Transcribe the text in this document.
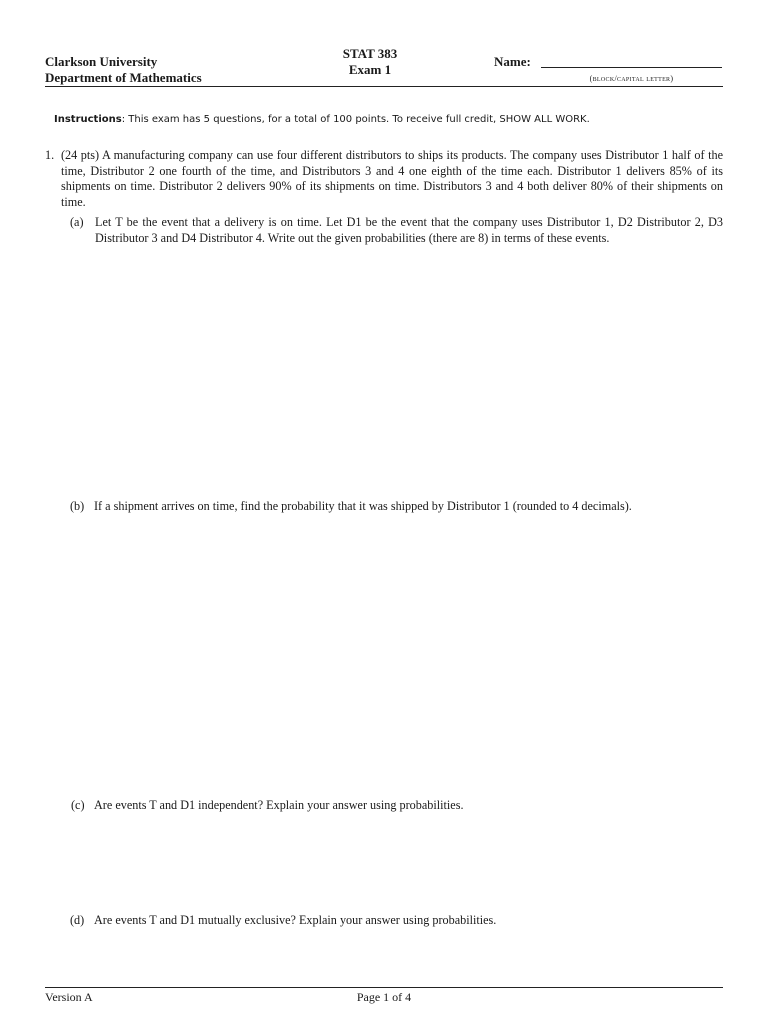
Clarkson University
Department of Mathematics
STAT 383
Exam 1
Name:
(block/capital letter)
Instructions: This exam has 5 questions, for a total of 100 points. To receive full credit, SHOW ALL WORK.
1. (24 pts) A manufacturing company can use four different distributors to ships its products. The company uses Distributor 1 half of the time, Distributor 2 one fourth of the time, and Distributors 3 and 4 one eighth of the time each. Distributor 1 delivers 85% of its shipments on time. Distributor 2 delivers 90% of its shipments on time. Distributors 3 and 4 both deliver 80% of their shipments on time.
(a) Let T be the event that a delivery is on time. Let D1 be the event that the company uses Distributor 1, D2 Distributor 2, D3 Distributor 3 and D4 Distributor 4. Write out the given probabilities (there are 8) in terms of these events.
(b) If a shipment arrives on time, find the probability that it was shipped by Distributor 1 (rounded to 4 decimals).
(c) Are events T and D1 independent? Explain your answer using probabilities.
(d) Are events T and D1 mutually exclusive? Explain your answer using probabilities.
Version A	Page 1 of 4
